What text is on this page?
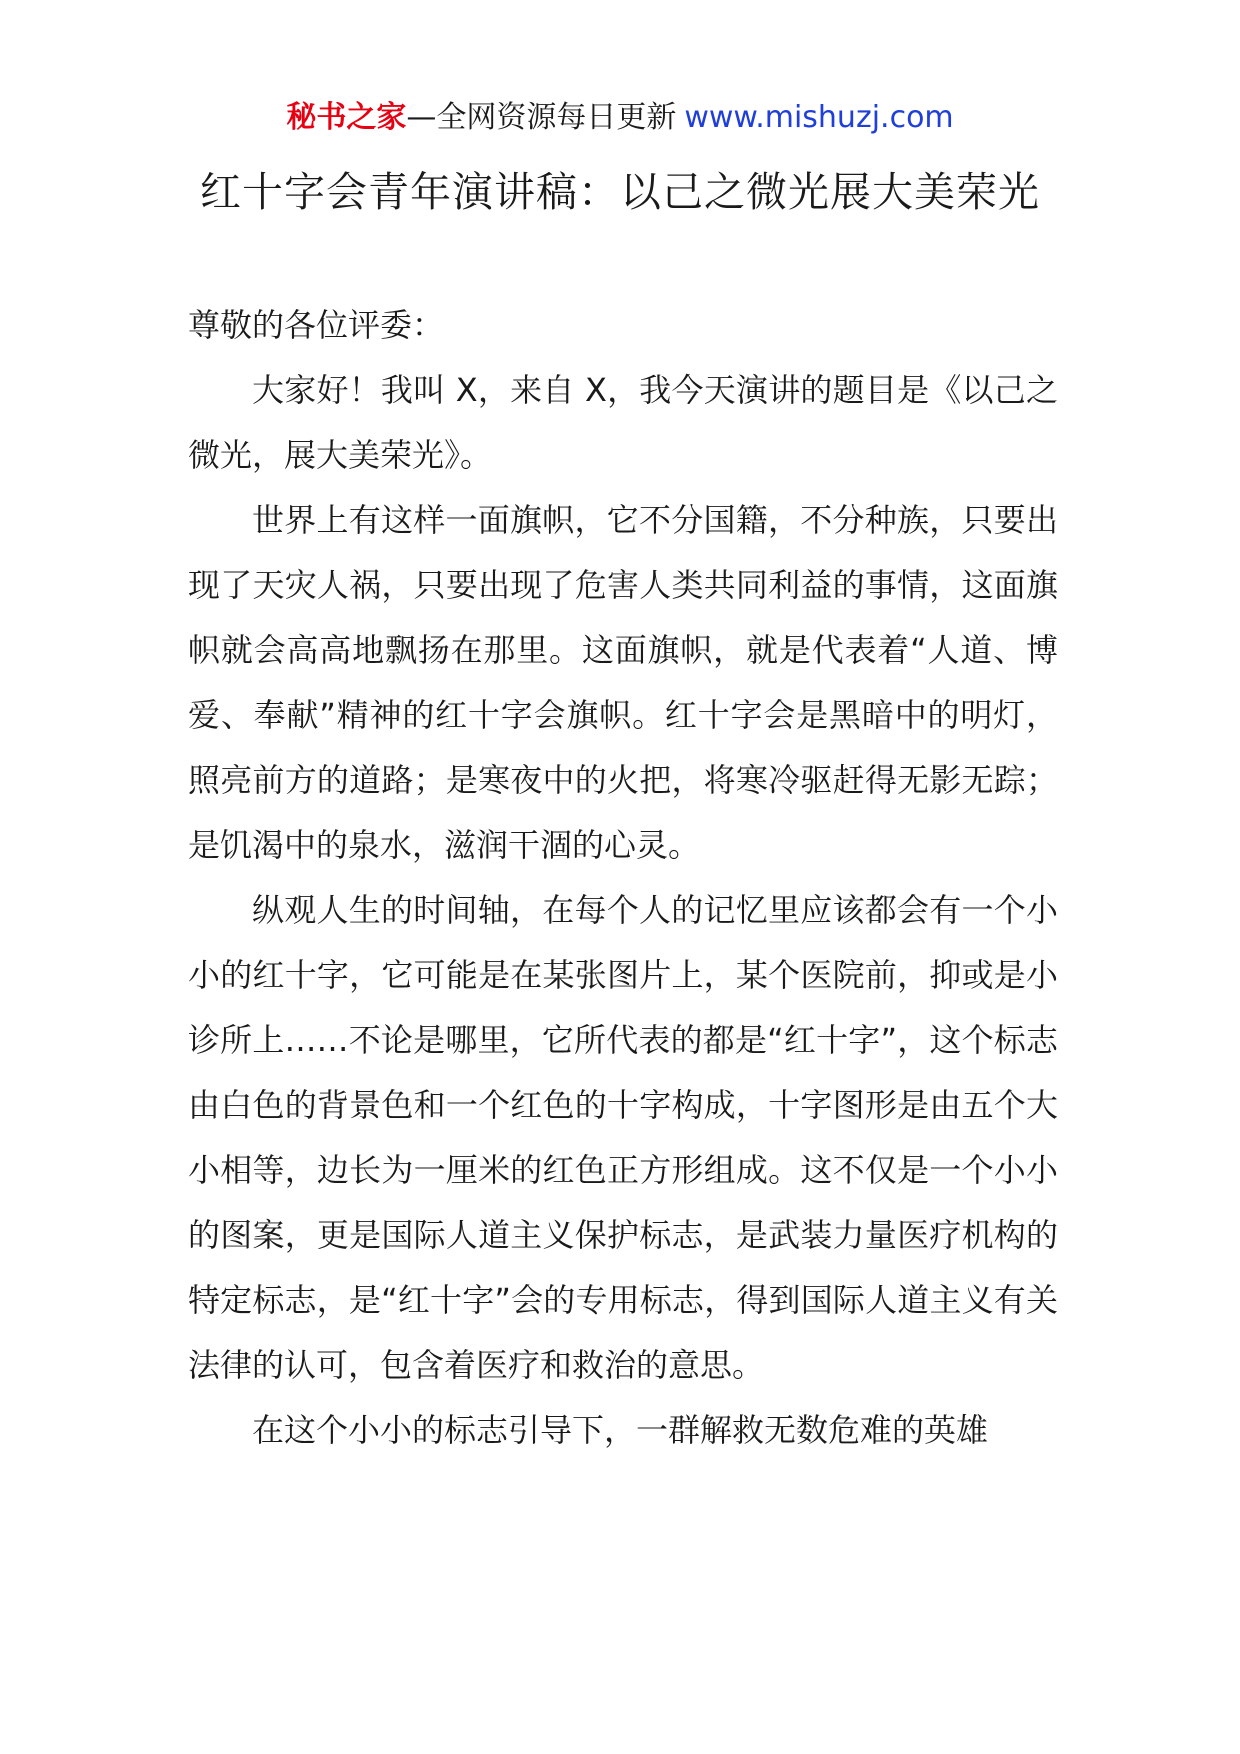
秘书之家—全网资源每日更新 www.mishuzj.com
红十字会青年演讲稿：以己之微光展大美荣光

尊敬的各位评委：

大家好！我叫 X，来自 X，我今天演讲的题目是《以己之微光，展大美荣光》。

世界上有这样一面旗帜，它不分国籍，不分种族，只要出现了天灾人祸，只要出现了危害人类共同利益的事情，这面旗帜就会高高地飘扬在那里。这面旗帜，就是代表着“人道、博爱、奉献”精神的红十字会旗帜。红十字会是黑暗中的明灯，照亮前方的道路；是寒夜中的火把，将寒冷驱赶得无影无踪；是饥渴中的泉水，滋润干涸的心灵。

纵观人生的时间轴，在每个人的记忆里应该都会有一个小小的红十字，它可能是在某张图片上，某个医院前，抑或是小诊所上……不论是哪里，它所代表的都是“红十字”，这个标志由白色的背景色和一个红色的十字构成，十字图形是由五个大小相等，边长为一厘米的红色正方形组成。这不仅是一个小小的图案，更是国际人道主义保护标志，是武装力量医疗机构的特定标志，是“红十字”会的专用标志，得到国际人道主义有关法律的认可，包含着医疗和救治的意思。

在这个小小的标志引导下，一群解救无数危难的英雄
